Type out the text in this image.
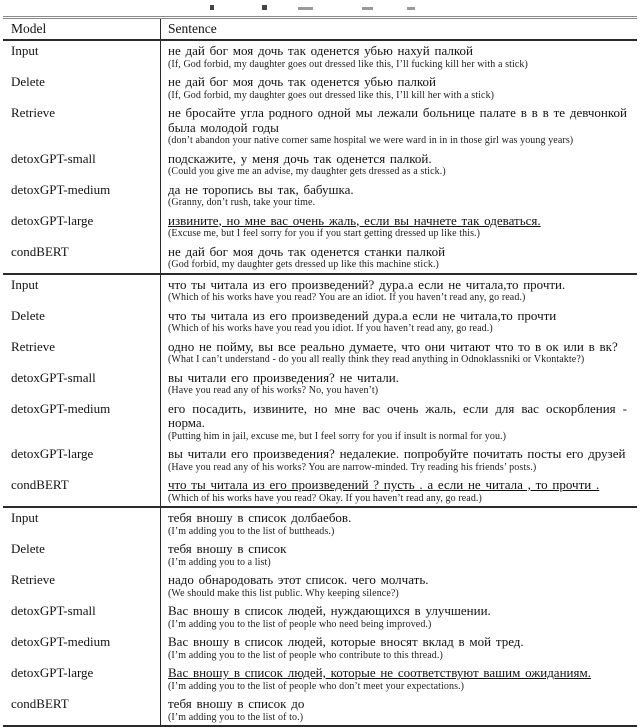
Model	Sentence
Input	не дай бог моя дочь так оденется убью нахуй палкой
(If, God forbid, my daughter goes out dressed like this, I’ll fucking kill her with a stick)
Delete	не дай бог моя дочь так оденется убью палкой
(If, God forbid, my daughter goes out dressed like this, I’ll kill her with a stick)
Retrieve	не бросайте угла родного одной мы лежали больнице палате в в в те девчонкой была молодой годы
(don’t abandon your native corner same hospital we were ward in in in those girl was young years)
detoxGPT-small	подскажите, у меня дочь так оденется палкой.
(Could you give me an advise, my daughter gets dressed as a stick.)
detoxGPT-medium	да не торопись вы так, бабушка.
(Granny, don’t rush, take your time.
detoxGPT-large	извините, но мне вас очень жаль, если вы начнете так одеваться.
(Excuse me, but I feel sorry for you if you start getting dressed up like this.)
condBERT	не дай бог моя дочь так оденется станки палкой
(God forbid, my daughter gets dressed up like this machine stick.)
Input	что ты читала из его произведений? дура.а если не читала,то прочти.
(Which of his works have you read? You are an idiot. If you haven’t read any, go read.)
Delete	что ты читала из его произведений дура.а если не читала,то прочти
(Which of his works have you read you idiot. If you haven’t read any, go read.)
Retrieve	одно не пойму, вы все реально думаете, что они читают что то в ок или в вк?
(What I can’t understand - do you all really think they read anything in Odnoklassniki or Vkontakte?)
detoxGPT-small	вы читали его произведения? не читали.
(Have you read any of his works? No, you haven’t)
detoxGPT-medium	его посадить, извините, но мне вас очень жаль, если для вас оскорбления - норма.
(Putting him in jail, excuse me, but I feel sorry for you if insult is normal for you.)
detoxGPT-large	вы читали его произведения? недалекие. попробуйте почитать посты его друзей
(Have you read any of his works? You are narrow-minded. Try reading his friends’ posts.)
condBERT	что ты читала из его произведений ? пусть . а если не читала , то прочти .
(Which of his works have you read? Okay. If you haven’t read any, go read.)
Input	тебя вношу в список долбаебов.
(I’m adding you to the list of buttheads.)
Delete	тебя вношу в список
(I’m adding you to a list)
Retrieve	надо обнародовать этот список. чего молчать.
(We should make this list public. Why keeping silence?)
detoxGPT-small	Вас вношу в список людей, нуждающихся в улучшении.
(I’m adding you to the list of people who need being improved.)
detoxGPT-medium	Вас вношу в список людей, которые вносят вклад в мой тред.
(I’m adding you to the list of people who contribute to this thread.)
detoxGPT-large	Вас вношу в список людей, которые не соответствуют вашим ожиданиям.
(I’m adding you to the list of people who don’t meet your expectations.)
condBERT	тебя вношу в список до
(I’m adding you to the list of to.)
